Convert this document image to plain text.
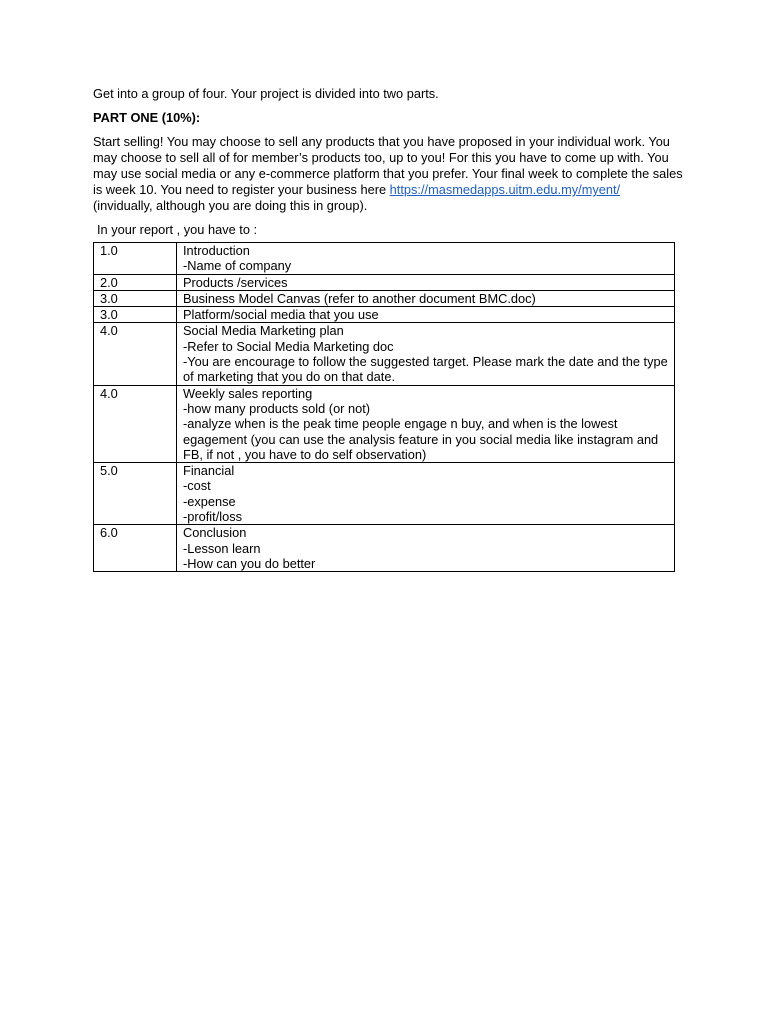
Get into a group of four. Your project is divided into two parts.

PART ONE (10%):

Start selling! You may choose to sell any products that you have proposed in your individual work. You may choose to sell all of for member’s products too, up to you! For this you have to come up with. You may use social media or any e-commerce platform that you prefer. Your final week to complete the sales is week 10. You need to register your business here https://masmedapps.uitm.edu.my/myent/ (invidually, although you are doing this in group).

In your report , you have to :

1.0	Introduction
-Name of company

2.0	Products /services

3.0	Business Model Canvas (refer to another document BMC.doc)

3.0	Platform/social media that you use

4.0	Social Media Marketing plan
-Refer to Social Media Marketing doc
-You are encourage to follow the suggested target. Please mark the date and the type of marketing that you do on that date.

4.0	Weekly sales reporting
-how many products sold (or not)
-analyze when is the peak time people engage n buy, and when is the lowest egagement (you can use the analysis feature in you social media like instagram and FB, if not , you have to do self observation)

5.0	Financial
-cost
-expense
-profit/loss

6.0	Conclusion
-Lesson learn
-How can you do better
